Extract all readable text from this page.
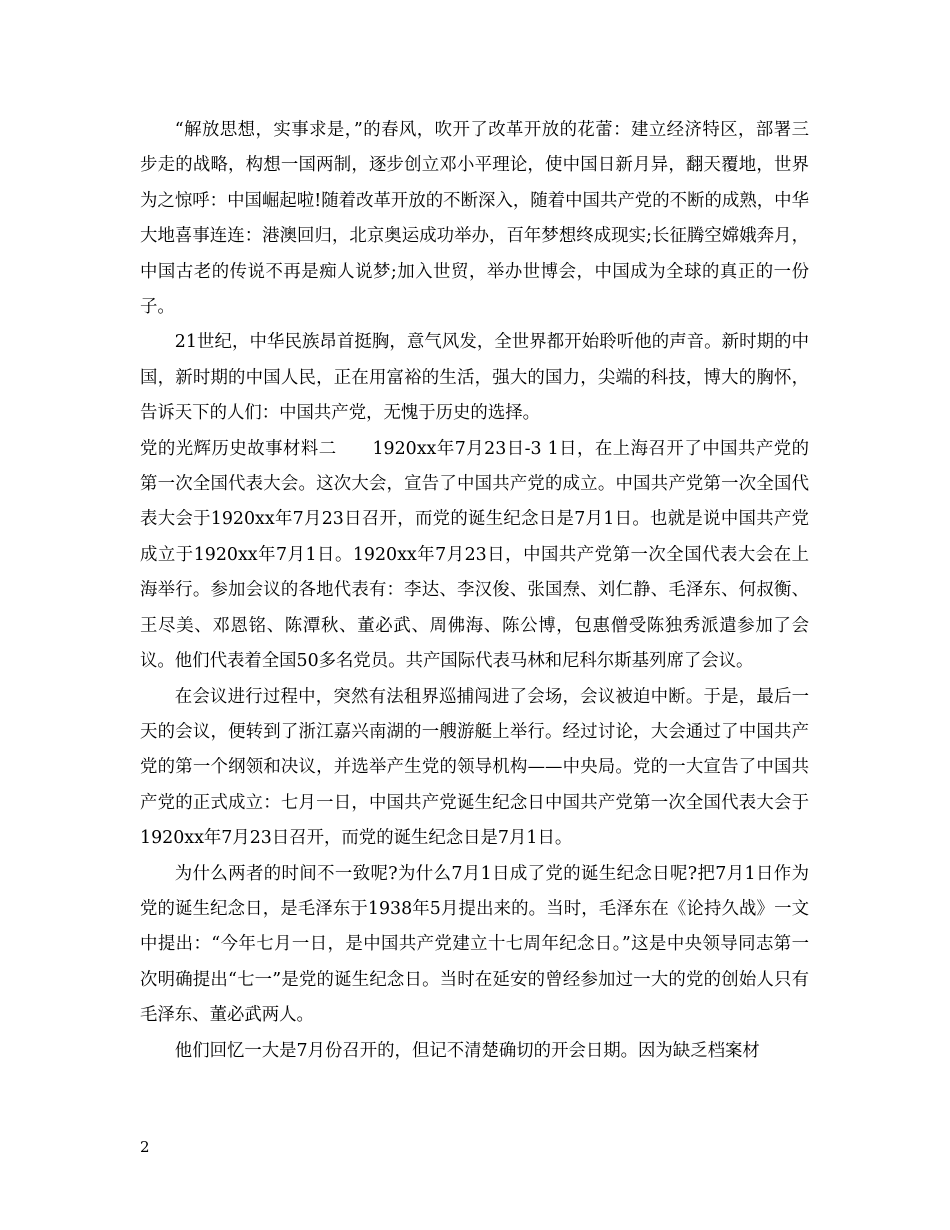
“解放思想，实事求是，”的春风，吹开了改革开放的花蕾：建立经济特区，部署三步走的战略，构想一国两制，逐步创立邓小平理论，使中国日新月异，翻天覆地，世界为之惊呼：中国崛起啦!随着改革开放的不断深入，随着中国共产党的不断的成熟，中华大地喜事连连：港澳回归，北京奥运成功举办，百年梦想终成现实;长征腾空嫦娥奔月，中国古老的传说不再是痴人说梦;加入世贸，举办世博会，中国成为全球的真正的一份子。

21世纪，中华民族昂首挺胸，意气风发，全世界都开始聆听他的声音。新时期的中国，新时期的中国人民，正在用富裕的生活，强大的国力，尖端的科技，博大的胸怀，告诉天下的人们：中国共产党，无愧于历史的选择。

党的光辉历史故事材料二　　1920xx年7月23日-3 1日，在上海召开了中国共产党的第一次全国代表大会。这次大会，宣告了中国共产党的成立。中国共产党第一次全国代表大会于1920xx年7月23日召开，而党的诞生纪念日是7月1日。也就是说中国共产党成立于1920xx年7月1日。1920xx年7月23日，中国共产党第一次全国代表大会在上海举行。参加会议的各地代表有：李达、李汉俊、张国焘、刘仁静、毛泽东、何叔衡、王尽美、邓恩铭、陈潭秋、董必武、周佛海、陈公博，包惠僧受陈独秀派遣参加了会议。他们代表着全国50多名党员。共产国际代表马林和尼科尔斯基列席了会议。

在会议进行过程中，突然有法租界巡捕闯进了会场，会议被迫中断。于是，最后一天的会议，便转到了浙江嘉兴南湖的一艘游艇上举行。经过讨论，大会通过了中国共产党的第一个纲领和决议，并选举产生党的领导机构——中央局。党的一大宣告了中国共产党的正式成立：七月一日，中国共产党诞生纪念日中国共产党第一次全国代表大会于1920xx年7月23日召开，而党的诞生纪念日是7月1日。

为什么两者的时间不一致呢?为什么7月1日成了党的诞生纪念日呢?把7月1日作为党的诞生纪念日，是毛泽东于1938年5月提出来的。当时，毛泽东在《论持久战》一文中提出：“今年七月一日，是中国共产党建立十七周年纪念日。”这是中央领导同志第一次明确提出“七一”是党的诞生纪念日。当时在延安的曾经参加过一大的党的创始人只有毛泽东、董必武两人。

他们回忆一大是7月份召开的，但记不清楚确切的开会日期。因为缺乏档案材

2
